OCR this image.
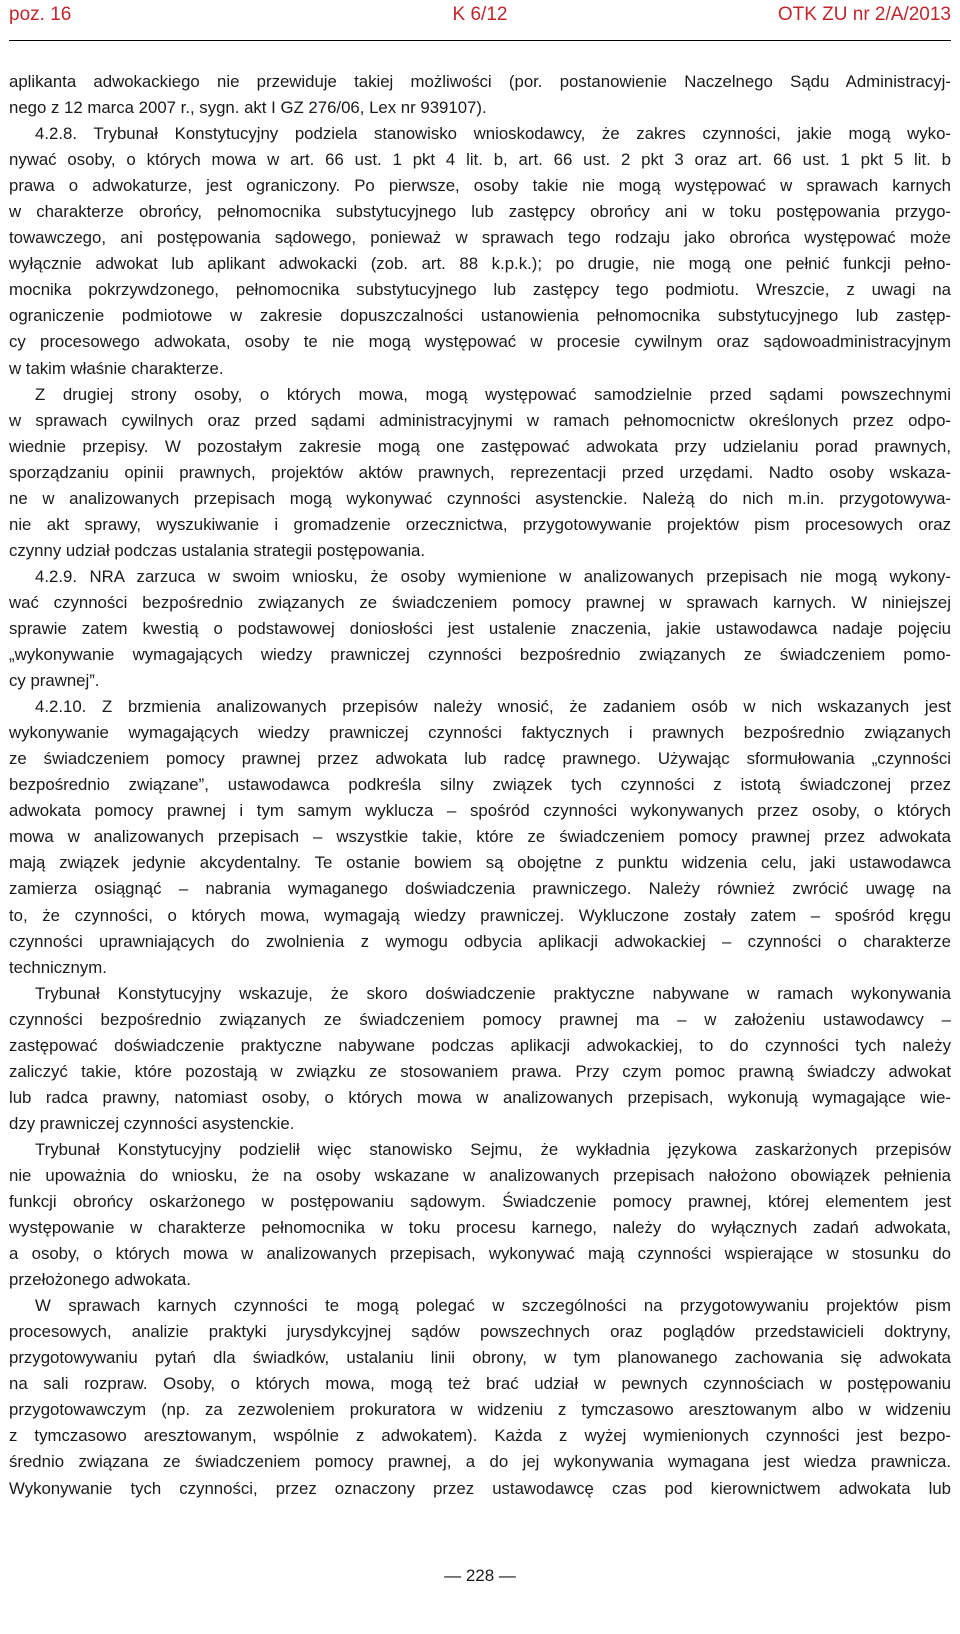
poz. 16	K 6/12	OTK ZU nr 2/A/2013
aplikanta adwokackiego nie przewiduje takiej możliwości (por. postanowienie Naczelnego Sądu Administracyj-
nego z 12 marca 2007 r., sygn. akt I GZ 276/06, Lex nr 939107).
4.2.8. Trybunał Konstytucyjny podziela stanowisko wnioskodawcy, że zakres czynności, jakie mogą wyko-
nywać osoby, o których mowa w art. 66 ust. 1 pkt 4 lit. b, art. 66 ust. 2 pkt 3 oraz art. 66 ust. 1 pkt 5 lit. b
prawa o adwokaturze, jest ograniczony. Po pierwsze, osoby takie nie mogą występować w sprawach karnych
w charakterze obrońcy, pełnomocnika substytucyjnego lub zastępcy obrońcy ani w toku postępowania przygo-
towawczego, ani postępowania sądowego, ponieważ w sprawach tego rodzaju jako obrońca występować może
wyłącznie adwokat lub aplikant adwokacki (zob. art. 88 k.p.k.); po drugie, nie mogą one pełnić funkcji pełno-
mocnika pokrzywdzonego, pełnomocnika substytucyjnego lub zastępcy tego podmiotu. Wreszcie, z uwagi na
ograniczenie podmiotowe w zakresie dopuszczalności ustanowienia pełnomocnika substytucyjnego lub zastęp-
cy procesowego adwokata, osoby te nie mogą występować w procesie cywilnym oraz sądowoadministracyjnym
w takim właśnie charakterze.
Z drugiej strony osoby, o których mowa, mogą występować samodzielnie przed sądami powszechnymi
w sprawach cywilnych oraz przed sądami administracyjnymi w ramach pełnomocnictw określonych przez odpo-
wiednie przepisy. W pozostałym zakresie mogą one zastępować adwokata przy udzielaniu porad prawnych,
sporządzaniu opinii prawnych, projektów aktów prawnych, reprezentacji przed urzędami. Nadto osoby wskaza-
ne w analizowanych przepisach mogą wykonywać czynności asystenckie. Należą do nich m.in. przygotowywa-
nie akt sprawy, wyszukiwanie i gromadzenie orzecznictwa, przygotowywanie projektów pism procesowych oraz
czynny udział podczas ustalania strategii postępowania.
4.2.9. NRA zarzuca w swoim wniosku, że osoby wymienione w analizowanych przepisach nie mogą wykony-
wać czynności bezpośrednio związanych ze świadczeniem pomocy prawnej w sprawach karnych. W niniejszej
sprawie zatem kwestią o podstawowej doniosłości jest ustalenie znaczenia, jakie ustawodawca nadaje pojęciu
„wykonywanie wymagających wiedzy prawniczej czynności bezpośrednio związanych ze świadczeniem pomo-
cy prawnej”.
4.2.10. Z brzmienia analizowanych przepisów należy wnosić, że zadaniem osób w nich wskazanych jest
wykonywanie wymagających wiedzy prawniczej czynności faktycznych i prawnych bezpośrednio związanych
ze świadczeniem pomocy prawnej przez adwokata lub radcę prawnego. Używając sformułowania „czynności
bezpośrednio związane”, ustawodawca podkreśla silny związek tych czynności z istotą świadczonej przez
adwokata pomocy prawnej i tym samym wyklucza – spośród czynności wykonywanych przez osoby, o których
mowa w analizowanych przepisach – wszystkie takie, które ze świadczeniem pomocy prawnej przez adwokata
mają związek jedynie akcydentalny. Te ostanie bowiem są obojętne z punktu widzenia celu, jaki ustawodawca
zamierza osiągnąć – nabrania wymaganego doświadczenia prawniczego. Należy również zwrócić uwagę na
to, że czynności, o których mowa, wymagają wiedzy prawniczej. Wykluczone zostały zatem – spośród kręgu
czynności uprawniających do zwolnienia z wymogu odbycia aplikacji adwokackiej – czynności o charakterze
technicznym.
Trybunał Konstytucyjny wskazuje, że skoro doświadczenie praktyczne nabywane w ramach wykonywania
czynności bezpośrednio związanych ze świadczeniem pomocy prawnej ma – w założeniu ustawodawcy –
zastępować doświadczenie praktyczne nabywane podczas aplikacji adwokackiej, to do czynności tych należy
zaliczyć takie, które pozostają w związku ze stosowaniem prawa. Przy czym pomoc prawną świadczy adwokat
lub radca prawny, natomiast osoby, o których mowa w analizowanych przepisach, wykonują wymagające wie-
dzy prawniczej czynności asystenckie.
Trybunał Konstytucyjny podzielił więc stanowisko Sejmu, że wykładnia językowa zaskarżonych przepisów
nie upoważnia do wniosku, że na osoby wskazane w analizowanych przepisach nałożono obowiązek pełnienia
funkcji obrońcy oskarżonego w postępowaniu sądowym. Świadczenie pomocy prawnej, której elementem jest
występowanie w charakterze pełnomocnika w toku procesu karnego, należy do wyłącznych zadań adwokata,
a osoby, o których mowa w analizowanych przepisach, wykonywać mają czynności wspierające w stosunku do
przełożonego adwokata.
W sprawach karnych czynności te mogą polegać w szczególności na przygotowywaniu projektów pism
procesowych, analizie praktyki jurysdykcyjnej sądów powszechnych oraz poglądów przedstawicieli doktryny,
przygotowywaniu pytań dla świadków, ustalaniu linii obrony, w tym planowanego zachowania się adwokata
na sali rozpraw. Osoby, o których mowa, mogą też brać udział w pewnych czynnościach w postępowaniu
przygotowawczym (np. za zezwoleniem prokuratora w widzeniu z tymczasowo aresztowanym albo w widzeniu
z tymczasowo aresztowanym, wspólnie z adwokatem). Każda z wyżej wymienionych czynności jest bezpo-
średnio związana ze świadczeniem pomocy prawnej, a do jej wykonywania wymagana jest wiedza prawnicza.
Wykonywanie tych czynności, przez oznaczony przez ustawodawcę czas pod kierownictwem adwokata lub
— 228 —
